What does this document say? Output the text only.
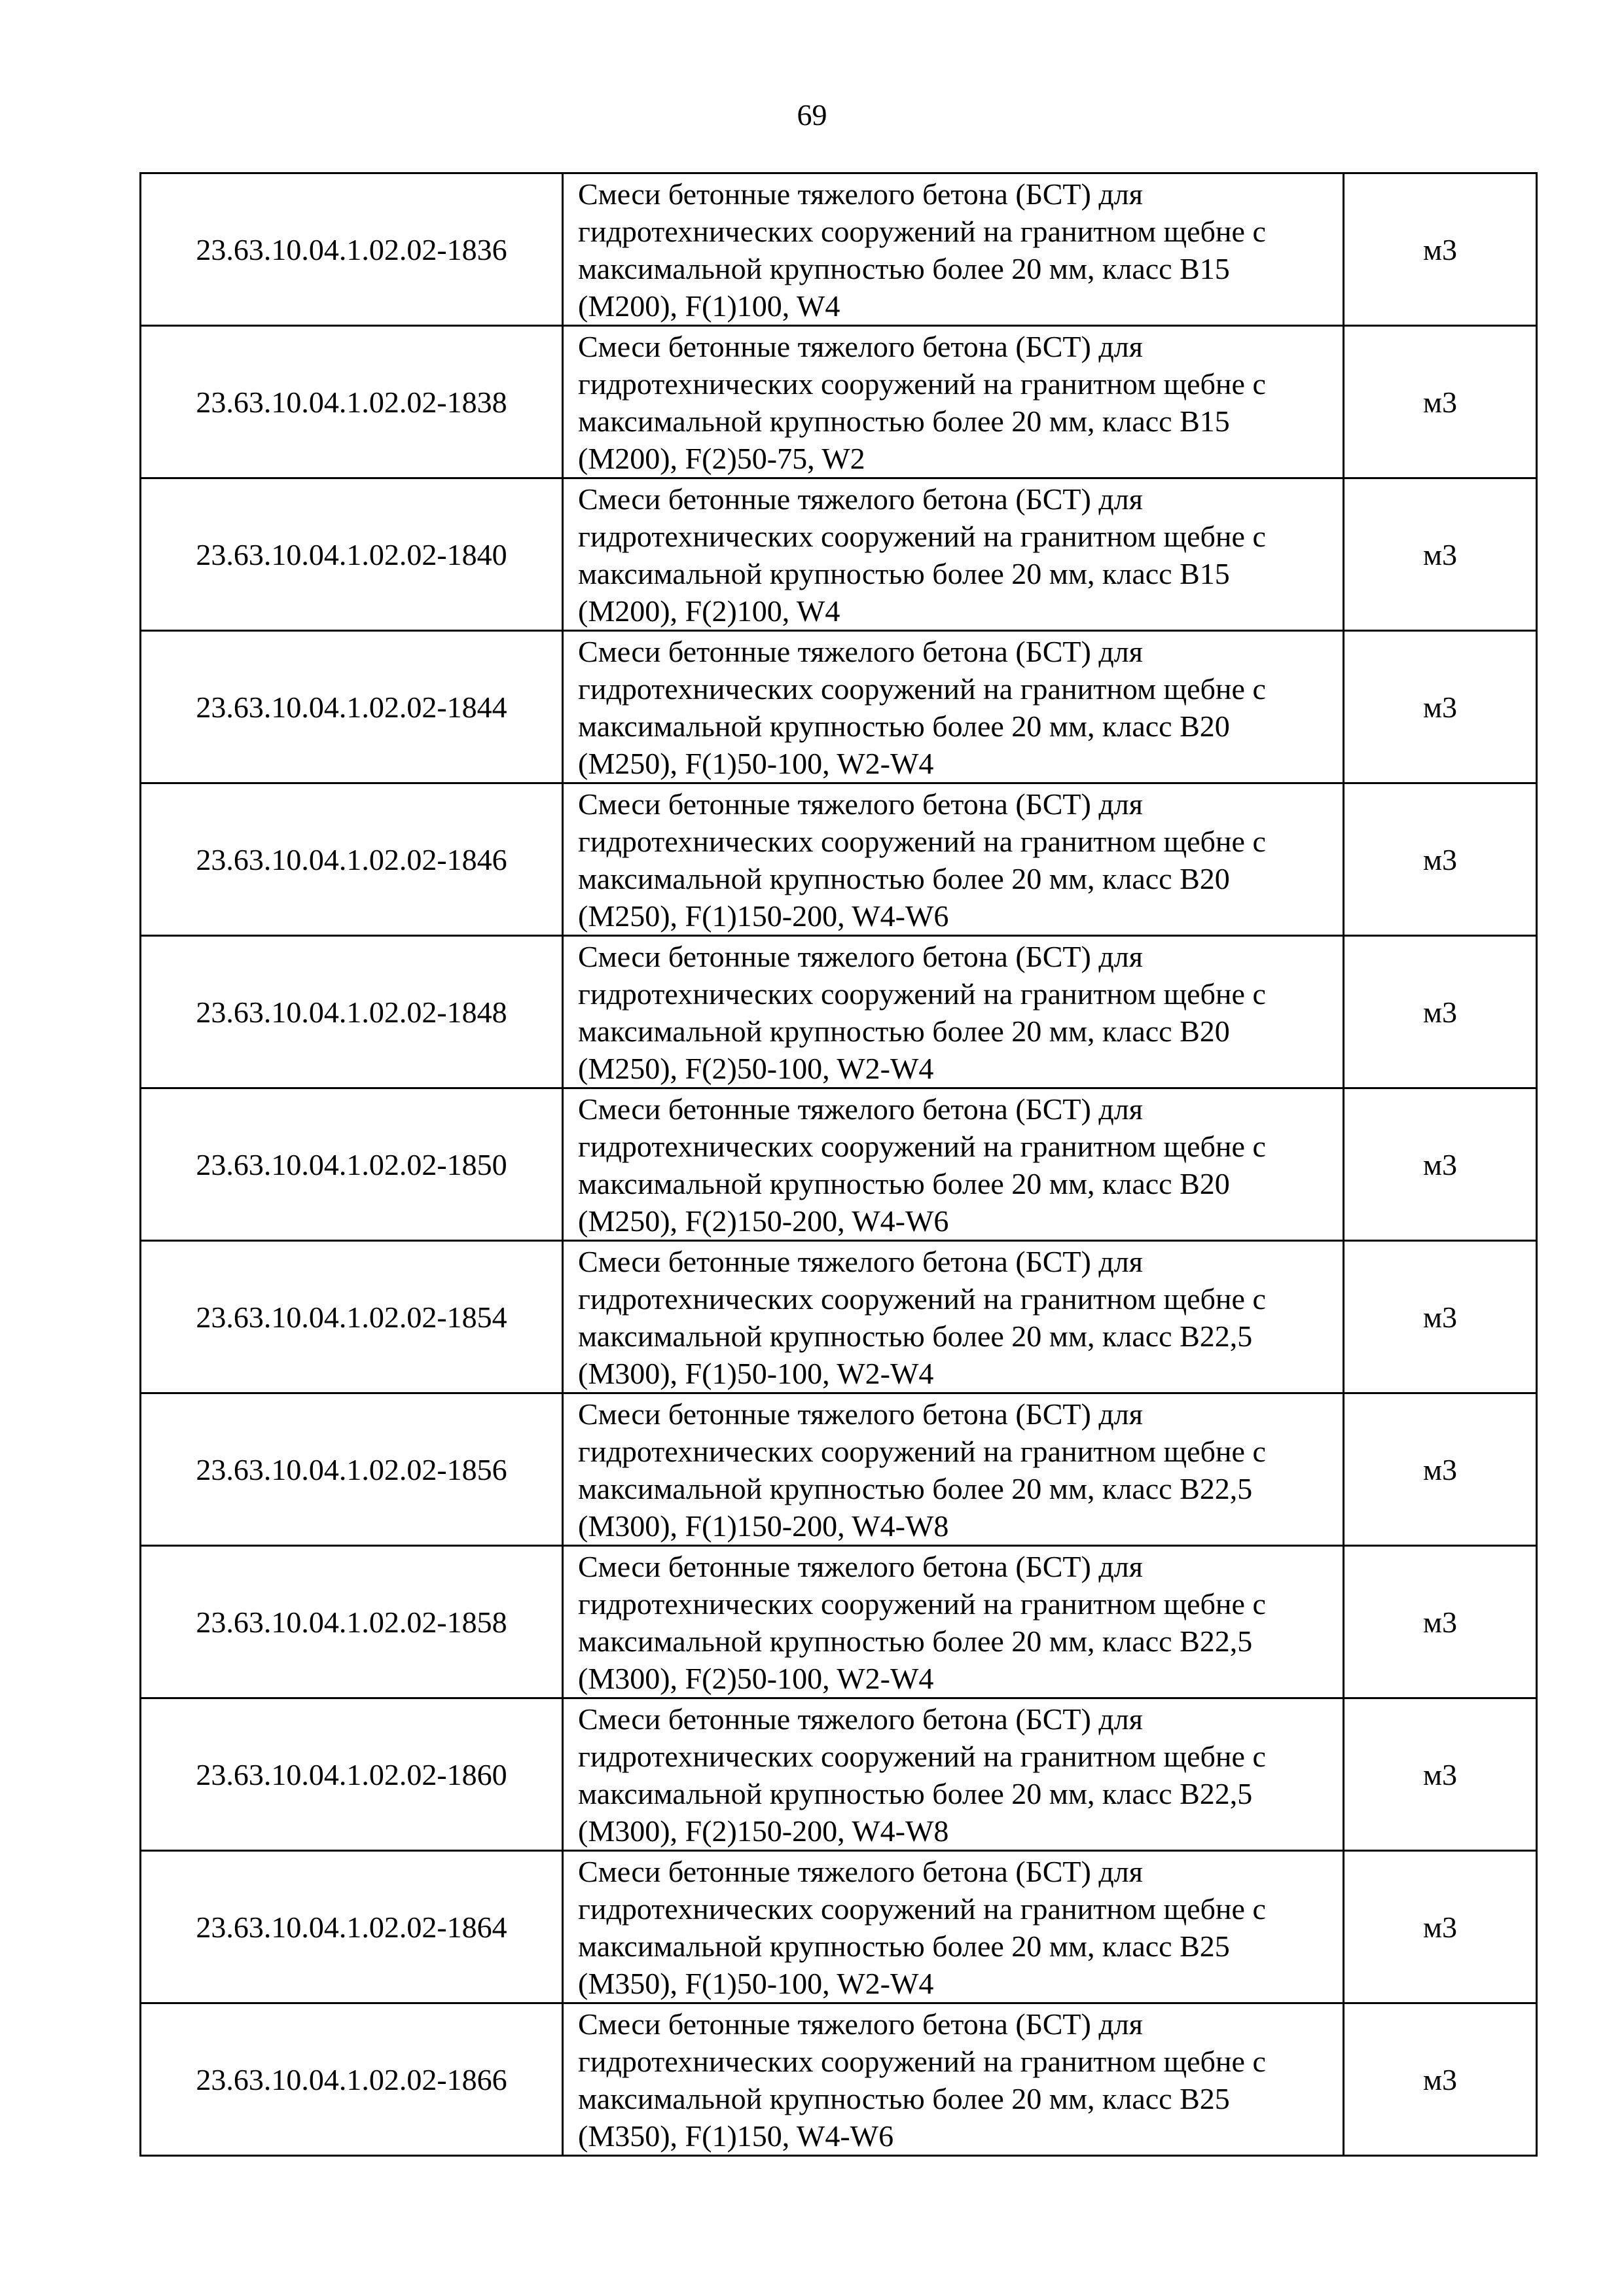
69
23.63.10.04.1.02.02-1836	Смеси бетонные тяжелого бетона (БСТ) для
гидротехнических сооружений на гранитном щебне с
максимальной крупностью более 20 мм, класс В15
(М200), F(1)100, W4	м3
23.63.10.04.1.02.02-1838	Смеси бетонные тяжелого бетона (БСТ) для
гидротехнических сооружений на гранитном щебне с
максимальной крупностью более 20 мм, класс В15
(М200), F(2)50-75, W2	м3
23.63.10.04.1.02.02-1840	Смеси бетонные тяжелого бетона (БСТ) для
гидротехнических сооружений на гранитном щебне с
максимальной крупностью более 20 мм, класс В15
(М200), F(2)100, W4	м3
23.63.10.04.1.02.02-1844	Смеси бетонные тяжелого бетона (БСТ) для
гидротехнических сооружений на гранитном щебне с
максимальной крупностью более 20 мм, класс В20
(М250), F(1)50-100, W2-W4	м3
23.63.10.04.1.02.02-1846	Смеси бетонные тяжелого бетона (БСТ) для
гидротехнических сооружений на гранитном щебне с
максимальной крупностью более 20 мм, класс В20
(М250), F(1)150-200, W4-W6	м3
23.63.10.04.1.02.02-1848	Смеси бетонные тяжелого бетона (БСТ) для
гидротехнических сооружений на гранитном щебне с
максимальной крупностью более 20 мм, класс В20
(М250), F(2)50-100, W2-W4	м3
23.63.10.04.1.02.02-1850	Смеси бетонные тяжелого бетона (БСТ) для
гидротехнических сооружений на гранитном щебне с
максимальной крупностью более 20 мм, класс В20
(М250), F(2)150-200, W4-W6	м3
23.63.10.04.1.02.02-1854	Смеси бетонные тяжелого бетона (БСТ) для
гидротехнических сооружений на гранитном щебне с
максимальной крупностью более 20 мм, класс В22,5
(М300), F(1)50-100, W2-W4	м3
23.63.10.04.1.02.02-1856	Смеси бетонные тяжелого бетона (БСТ) для
гидротехнических сооружений на гранитном щебне с
максимальной крупностью более 20 мм, класс В22,5
(М300), F(1)150-200, W4-W8	м3
23.63.10.04.1.02.02-1858	Смеси бетонные тяжелого бетона (БСТ) для
гидротехнических сооружений на гранитном щебне с
максимальной крупностью более 20 мм, класс В22,5
(М300), F(2)50-100, W2-W4	м3
23.63.10.04.1.02.02-1860	Смеси бетонные тяжелого бетона (БСТ) для
гидротехнических сооружений на гранитном щебне с
максимальной крупностью более 20 мм, класс В22,5
(М300), F(2)150-200, W4-W8	м3
23.63.10.04.1.02.02-1864	Смеси бетонные тяжелого бетона (БСТ) для
гидротехнических сооружений на гранитном щебне с
максимальной крупностью более 20 мм, класс В25
(М350), F(1)50-100, W2-W4	м3
23.63.10.04.1.02.02-1866	Смеси бетонные тяжелого бетона (БСТ) для
гидротехнических сооружений на гранитном щебне с
максимальной крупностью более 20 мм, класс В25
(М350), F(1)150, W4-W6	м3
